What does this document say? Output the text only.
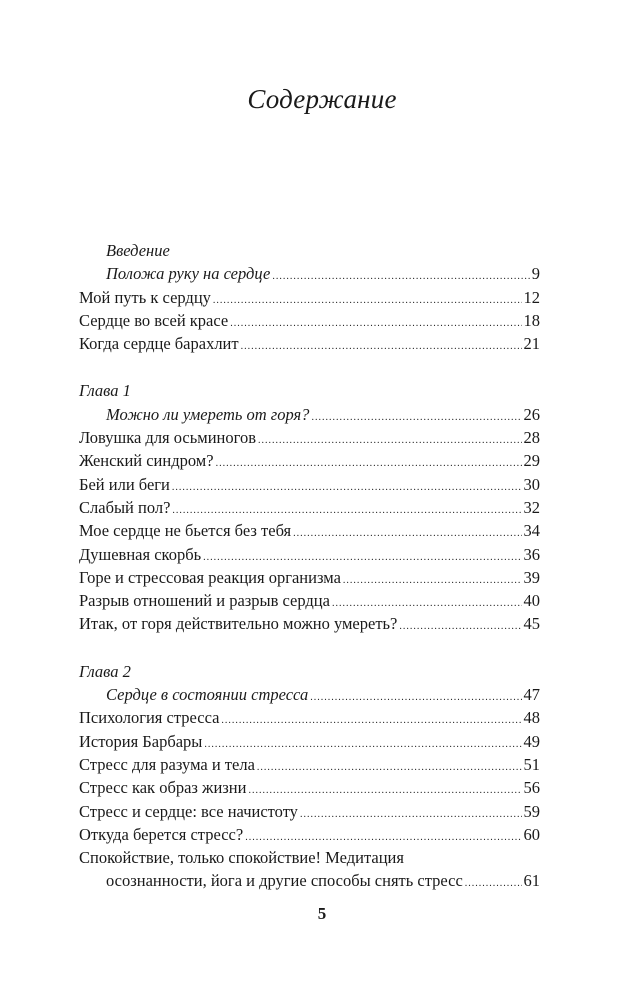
Содержание
Введение
Положа руку на сердце .....	9
Мой путь к сердцу .....	12
Сердце во всей красе .....	18
Когда сердце барахлит .....	21
Глава 1
Можно ли умереть от горя? .....	26
Ловушка для осьминогов .....	28
Женский синдром? .....	29
Бей или беги .....	30
Слабый пол? .....	32
Мое сердце не бьется без тебя .....	34
Душевная скорбь .....	36
Горе и стрессовая реакция организма .....	39
Разрыв отношений и разрыв сердца .....	40
Итак, от горя действительно можно умереть? .....	45
Глава 2
Сердце в состоянии стресса .....	47
Психология стресса .....	48
История Барбары .....	49
Стресс для разума и тела .....	51
Стресс как образ жизни .....	56
Стресс и сердце: все начистоту .....	59
Откуда берется стресс? .....	60
Спокойствие, только спокойствие! Медитация
осознанности, йога и другие способы снять стресс .....	61
5
